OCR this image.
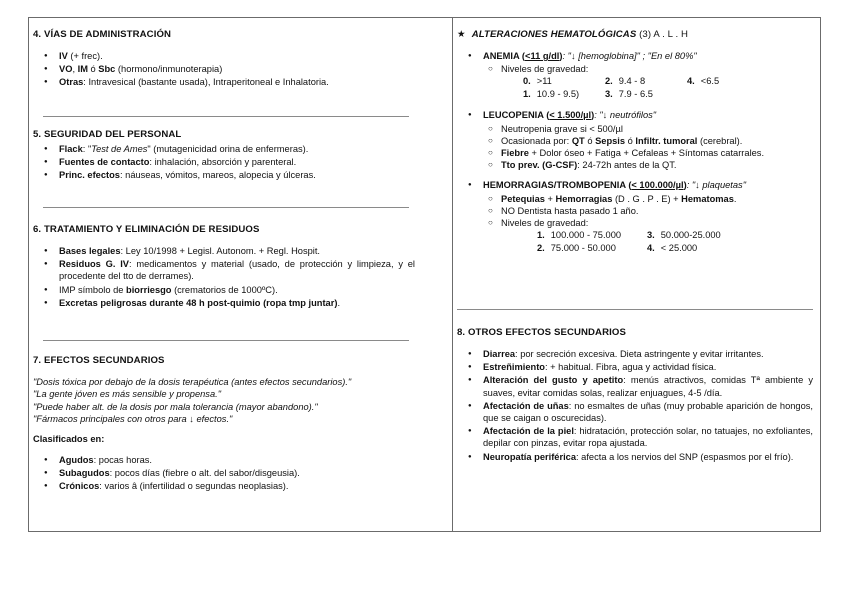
4. VÍAS DE ADMINISTRACIÓN
● IV (+ frec).
● VO, IM ó Sbc (hormono/inmunoterapia)
● Otras: Intravesical (bastante usada), Intraperitoneal e Inhalatoria.
5. SEGURIDAD DEL PERSONAL
● Flack: "Test de Ames" (mutagenicidad orina de enfermeras).
● Fuentes de contacto: inhalación, absorción y parenteral.
● Princ. efectos: náuseas, vómitos, mareos, alopecia y úlceras.
6. TRATAMIENTO Y ELIMINACIÓN DE RESIDUOS
● Bases legales: Ley 10/1998 + Legisl. Autonom. + Regl. Hospit.
● Residuos G. IV: medicamentos y material (usado, de protección y limpieza, y el procedente del tto de derrames).
● IMP símbolo de biorriesgo (crematorios de 1000ºC).
● Excretas peligrosas durante 48 h post-quimio (ropa tmp juntar).
7. EFECTOS SECUNDARIOS
"Dosis tóxica por debajo de la dosis terapéutica (antes efectos secundarios)."
"La gente jóven es más sensible y propensa."
"Puede haber alt. de la dosis por mala tolerancia (mayor abandono)."
"Fármacos principales con otros para ↓ efectos."
Clasificados en:
● Agudos: pocas horas.
● Subagudos: pocos días (fiebre o alt. del sabor/disgeusia).
● Crónicos: varios â (infertilidad o segundas neoplasias).
★ ALTERACIONES HEMATOLÓGICAS (3) A . L . H
● ANEMIA (<11 g/dl): "↓ [hemoglobina]" ; "En el 80%"
○ Niveles de gravedad:
0. >11	2. 9.4 - 8	4. <6.5
1. 10.9 - 9.5)	3. 7.9 - 6.5
● LEUCOPENIA (< 1.500/µl): "↓ neutrófilos"
○ Neutropenia grave si < 500/µl
○ Ocasionada por: QT ó Sepsis ó Infiltr. tumoral (cerebral).
○ Fiebre + Dolor óseo + Fatiga + Cefaleas + Síntomas catarrales.
○ Tto prev. (G-CSF): 24-72h antes de la QT.
● HEMORRAGIAS/TROMBOPENIA (< 100.000/µl): "↓ plaquetas"
○ Petequias + Hemorragias (D . G . P . E) + Hematomas.
○ NO Dentista hasta pasado 1 año.
○ Niveles de gravedad:
1. 100.000 - 75.000	3. 50.000-25.000
2. 75.000 - 50.000	4. < 25.000
8. OTROS EFECTOS SECUNDARIOS
● Diarrea: por secreción excesiva. Dieta astringente y evitar irritantes.
● Estreñimiento: + habitual. Fibra, agua y actividad física.
● Alteración del gusto y apetito: menús atractivos, comidas Tª ambiente y suaves, evitar comidas solas, realizar enjuagues, 4-5 /día.
● Afectación de uñas: no esmaltes de uñas (muy probable aparición de hongos, que se caigan o oscurecidas).
● Afectación de la piel: hidratación, protección solar, no tatuajes, no exfoliantes, depilar con pinzas, evitar ropa ajustada.
● Neuropatía periférica: afecta a los nervios del SNP (espasmos por el frío).
